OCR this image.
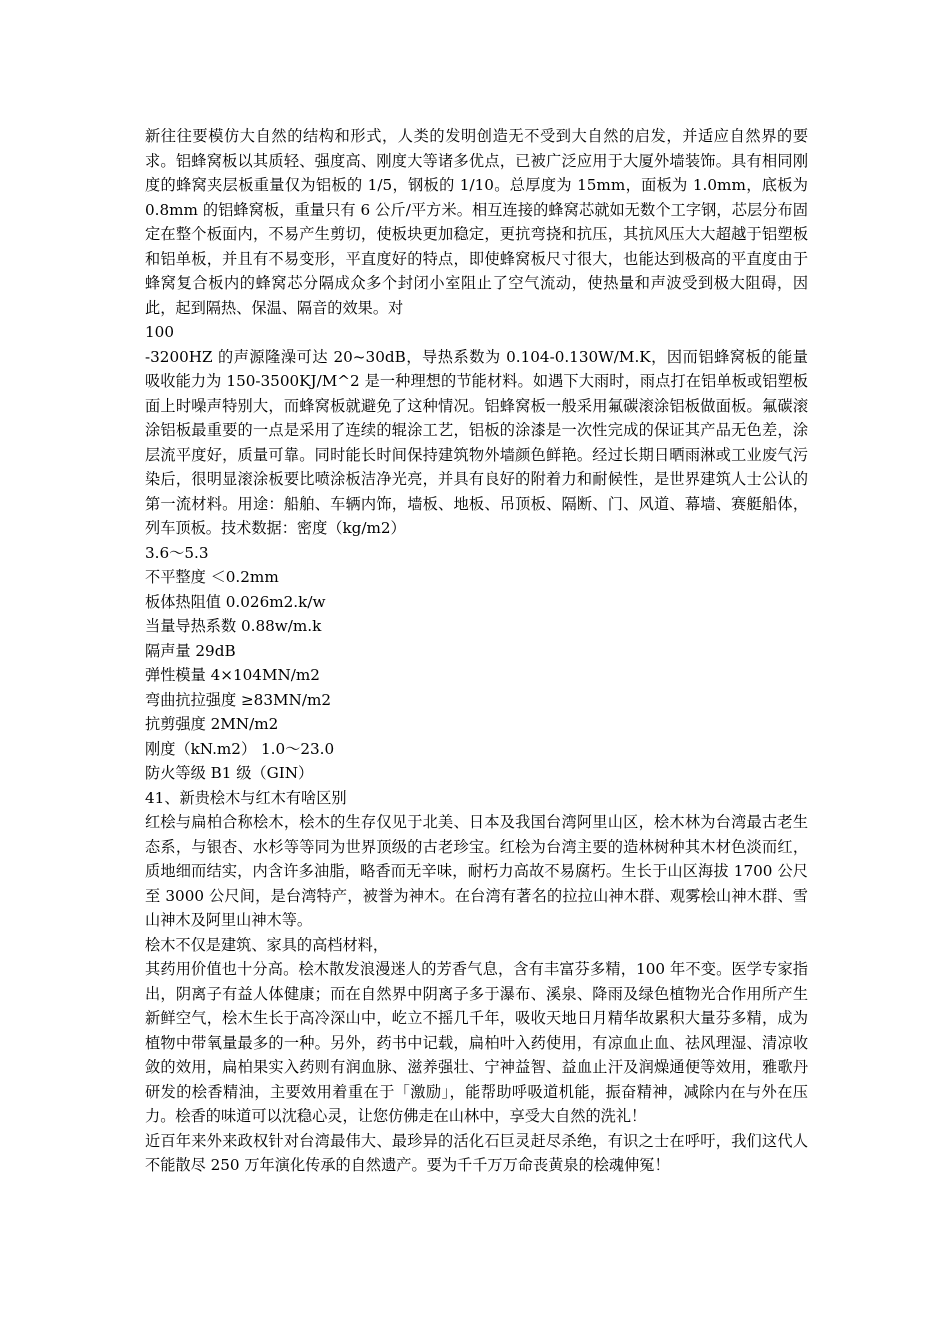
新往往要模仿大自然的结构和形式，人类的发明创造无不受到大自然的启发，并适应自然界的要求。铝蜂窝板以其质轻、强度高、刚度大等诸多优点，已被广泛应用于大厦外墙装饰。具有相同刚度的蜂窝夹层板重量仅为铝板的 1/5，钢板的 1/10。总厚度为 15mm，面板为 1.0mm，底板为 0.8mm 的铝蜂窝板，重量只有 6 公斤/平方米。相互连接的蜂窝芯就如无数个工字钢，芯层分布固定在整个板面内，不易产生剪切，使板块更加稳定，更抗弯挠和抗压，其抗风压大大超越于铝塑板和铝单板，并且有不易变形，平直度好的特点，即使蜂窝板尺寸很大，也能达到极高的平直度由于蜂窝复合板内的蜂窝芯分隔成众多个封闭小室阻止了空气流动，使热量和声波受到极大阻碍，因此，起到隔热、保温、隔音的效果。对

100

-3200HZ 的声源隆澡可达 20~30dB，导热系数为 0.104-0.130W/M.K，因而铝蜂窝板的能量吸收能力为 150-3500KJ/M^2 是一种理想的节能材料。如遇下大雨时，雨点打在铝单板或铝塑板面上时噪声特别大，而蜂窝板就避免了这种情况。铝蜂窝板一般采用氟碳滚涂铝板做面板。氟碳滚涂铝板最重要的一点是采用了连续的辊涂工艺，铝板的涂漆是一次性完成的保证其产品无色差，涂层流平度好，质量可靠。同时能长时间保持建筑物外墙颜色鲜艳。经过长期日晒雨淋或工业废气污染后，很明显滚涂板要比喷涂板洁净光亮，并具有良好的附着力和耐候性，是世界建筑人士公认的第一流材料。用途：船舶、车辆内饰，墙板、地板、吊顶板、隔断、门、风道、幕墙、赛艇船体，列车顶板。技术数据：密度（kg/m2）

3.6～5.3

不平整度 ＜0.2mm

板体热阻值 0.026m2.k/w

当量导热系数 0.88w/m.k

隔声量 29dB

弹性模量 4×104MN/m2

弯曲抗拉强度 ≥83MN/m2

抗剪强度 2MN/m2

刚度（kN.m2） 1.0～23.0

防火等级 B1 级（GIN）

41、新贵桧木与红木有啥区别

红桧与扁柏合称桧木，桧木的生存仅见于北美、日本及我国台湾阿里山区，桧木林为台湾最古老生态系，与银杏、水杉等等同为世界顶级的古老珍宝。红桧为台湾主要的造林树种其木材色淡而红，质地细而结实，内含许多油脂，略香而无辛味，耐朽力高故不易腐朽。生长于山区海拔 1700 公尺至 3000 公尺间，是台湾特产，被誉为神木。在台湾有著名的拉拉山神木群、观雾桧山神木群、雪山神木及阿里山神木等。

桧木不仅是建筑、家具的高档材料，

其药用价值也十分高。桧木散发浪漫迷人的芳香气息，含有丰富芬多精，100 年不变。医学专家指出，阴离子有益人体健康；而在自然界中阴离子多于瀑布、溪泉、降雨及绿色植物光合作用所产生新鲜空气，桧木生长于高冷深山中，屹立不摇几千年，吸收天地日月精华故累积大量芬多精，成为植物中带氧量最多的一种。另外，药书中记载，扁柏叶入药使用，有凉血止血、祛风理湿、清凉收敛的效用，扁柏果实入药则有润血脉、滋养强壮、宁神益智、益血止汗及润燥通便等效用，雅歌丹研发的桧香精油，主要效用着重在于「激励」，能帮助呼吸道机能，振奋精神，减除内在与外在压力。桧香的味道可以沈稳心灵，让您仿佛走在山林中，享受大自然的洗礼！

近百年来外来政权针对台湾最伟大、最珍异的活化石巨灵赶尽杀绝，有识之士在呼吁，我们这代人不能散尽 250 万年演化传承的自然遗产。要为千千万万命丧黄泉的桧魂伸冤！
